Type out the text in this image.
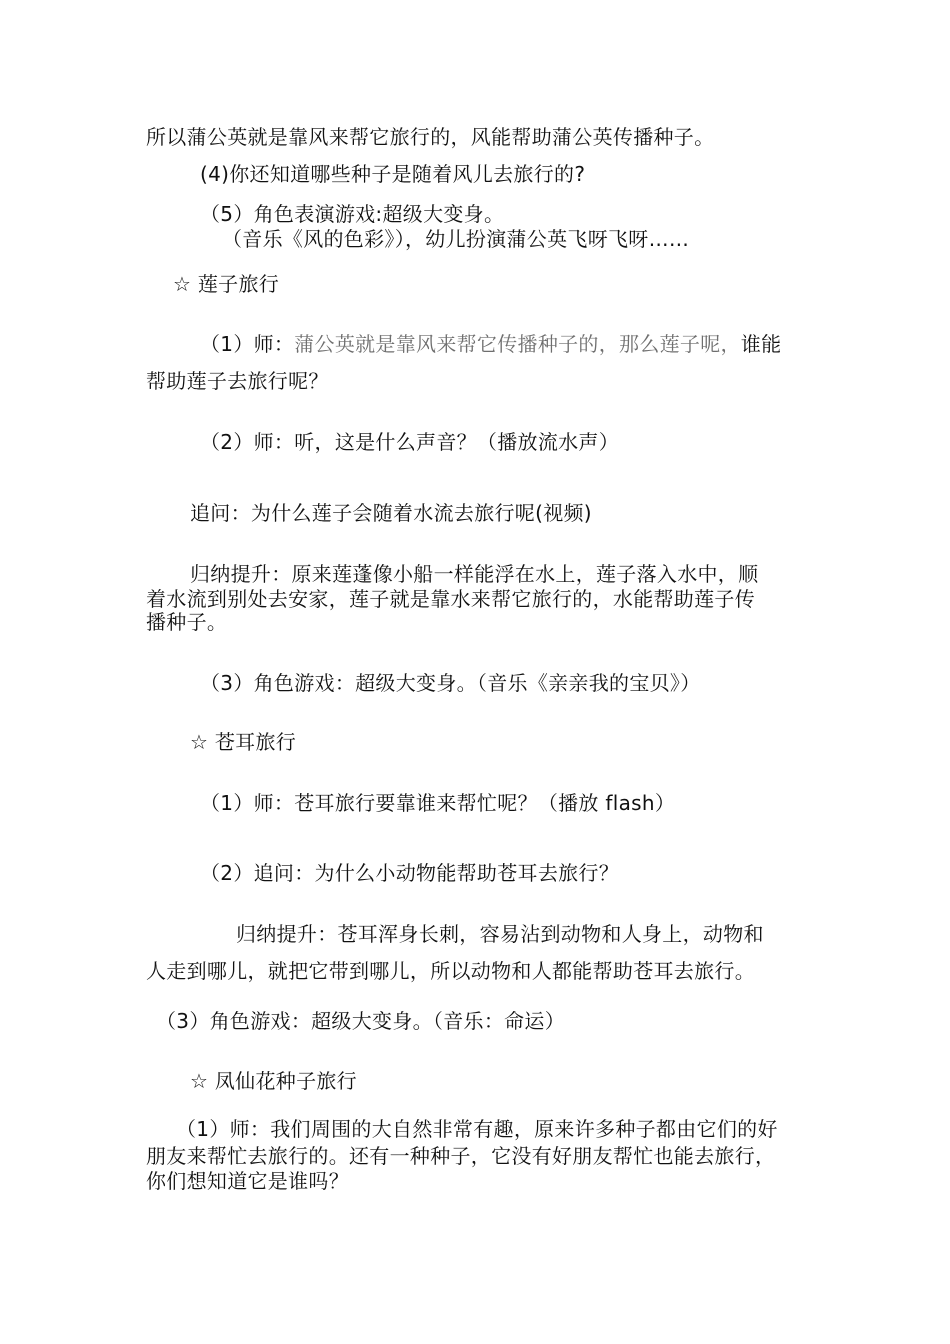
所以蒲公英就是靠风来帮它旅行的，风能帮助蒲公英传播种子。
(4)你还知道哪些种子是随着风儿去旅行的?
（5）角色表演游戏:超级大变身。
（音乐《风的色彩》），幼儿扮演蒲公英飞呀飞呀……
☆ 莲子旅行
（1）师：蒲公英就是靠风来帮它传播种子的，那么莲子呢，谁能
帮助莲子去旅行呢？
（2）师：听，这是什么声音？（播放流水声）
追问：为什么莲子会随着水流去旅行呢(视频)
归纳提升：原来莲蓬像小船一样能浮在水上，莲子落入水中，顺
着水流到别处去安家，莲子就是靠水来帮它旅行的，水能帮助莲子传
播种子。
（3）角色游戏：超级大变身。（音乐《亲亲我的宝贝》）
☆ 苍耳旅行
（1）师：苍耳旅行要靠谁来帮忙呢？（播放 flash）
（2）追问：为什么小动物能帮助苍耳去旅行？
归纳提升：苍耳浑身长刺，容易沾到动物和人身上，动物和
人走到哪儿，就把它带到哪儿，所以动物和人都能帮助苍耳去旅行。
（3）角色游戏：超级大变身。（音乐：命运）
☆ 凤仙花种子旅行
（1）师：我们周围的大自然非常有趣，原来许多种子都由它们的好
朋友来帮忙去旅行的。还有一种种子，它没有好朋友帮忙也能去旅行，
你们想知道它是谁吗？
